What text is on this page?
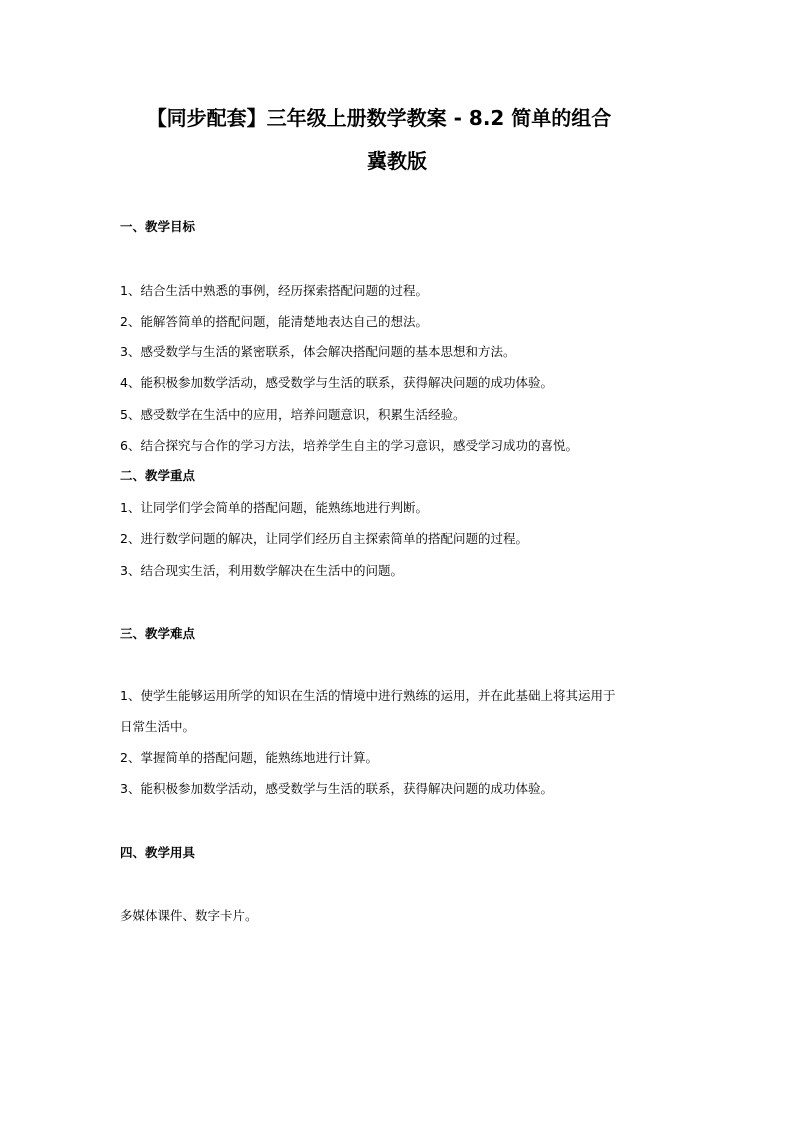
【同步配套】三年级上册数学教案 - 8.2 简单的组合
冀教版
一、教学目标
1、结合生活中熟悉的事例，经历探索搭配问题的过程。
2、能解答简单的搭配问题，能清楚地表达自己的想法。
3、感受数学与生活的紧密联系，体会解决搭配问题的基本思想和方法。
4、能积极参加数学活动，感受数学与生活的联系，获得解决问题的成功体验。
5、感受数学在生活中的应用，培养问题意识，积累生活经验。
6、结合探究与合作的学习方法，培养学生自主的学习意识，感受学习成功的喜悦。
二、教学重点
1、让同学们学会简单的搭配问题，能熟练地进行判断。
2、进行数学问题的解决，让同学们经历自主探索简单的搭配问题的过程。
3、结合现实生活，利用数学解决在生活中的问题。
三、教学难点
1、使学生能够运用所学的知识在生活的情境中进行熟练的运用，并在此基础上将其运用于
日常生活中。
2、掌握简单的搭配问题，能熟练地进行计算。
3、能积极参加数学活动，感受数学与生活的联系，获得解决问题的成功体验。
四、教学用具
多媒体课件、数字卡片。
